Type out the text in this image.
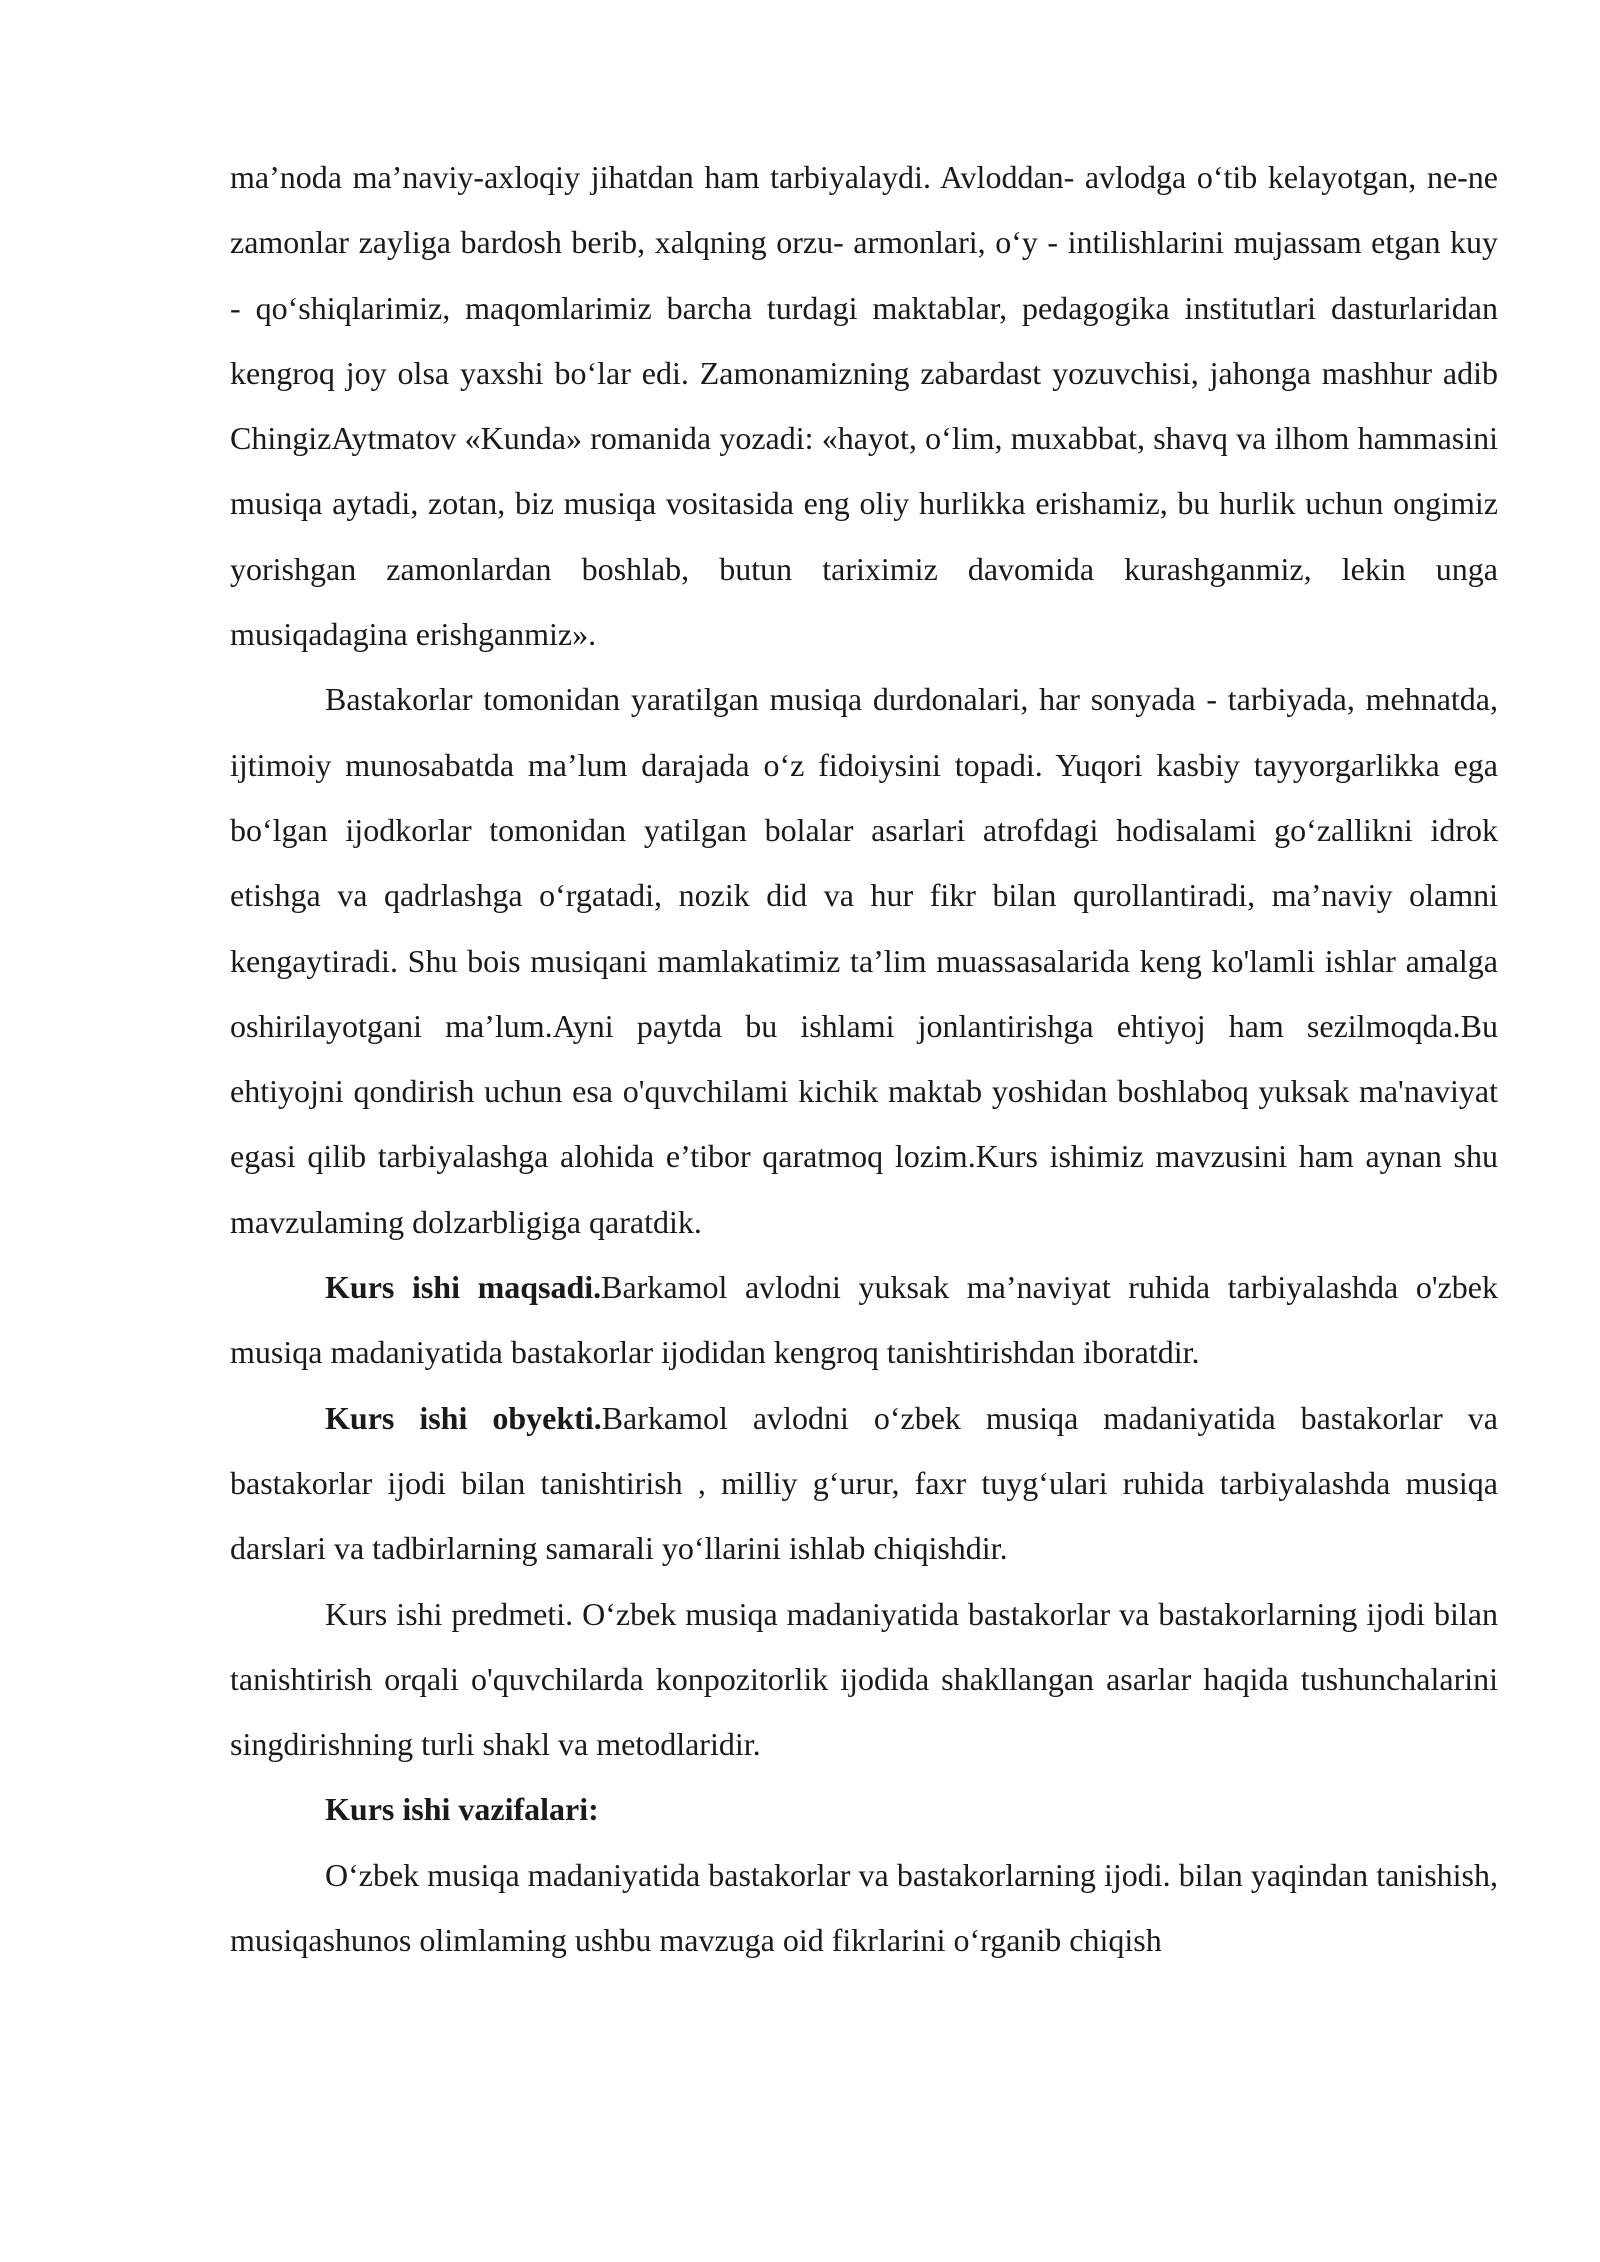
ma’noda ma’naviy-axloqiy jihatdan ham tarbiyalaydi. Avloddan- avlodga o‘tib kelayotgan, ne-ne zamonlar zayliga bardosh berib, xalqning orzu- armonlari, o‘y - intilishlarini mujassam etgan kuy - qo‘shiqlarimiz, maqomlarimiz barcha turdagi maktablar, pedagogika institutlari dasturlaridan kengroq joy olsa yaxshi bo‘lar edi. Zamonamizning zabardast yozuvchisi, jahonga mashhur adib ChingizAytmatov «Kunda» romanida yozadi: «hayot, o‘lim, muxabbat, shavq va ilhom hammasini musiqa aytadi, zotan, biz musiqa vositasida eng oliy hurlikka erishamiz, bu hurlik uchun ongimiz yorishgan zamonlardan boshlab, butun tariximiz davomida kurashganmiz, lekin unga musiqadagina erishganmiz».

Bastakorlar tomonidan yaratilgan musiqa durdonalari, har sonyada - tarbiyada, mehnatda, ijtimoiy munosabatda ma’lum darajada o‘z fidoiysini topadi. Yuqori kasbiy tayyorgarlikka ega bo‘lgan ijodkorlar tomonidan yatilgan bolalar asarlari atrofdagi hodisalami go‘zallikni idrok etishga va qadrlashga o‘rgatadi, nozik did va hur fikr bilan qurollantiradi, ma’naviy olamni kengaytiradi. Shu bois musiqani mamlakatimiz ta’lim muassasalarida keng ko'lamli ishlar amalga oshirilayotgani ma’lum.Ayni paytda bu ishlami jonlantirishga ehtiyoj ham sezilmoqda.Bu ehtiyojni qondirish uchun esa o'quvchilami kichik maktab yoshidan boshlaboq yuksak ma'naviyat egasi qilib tarbiyalashga alohida e’tibor qaratmoq lozim.Kurs ishimiz mavzusini ham aynan shu mavzulaming dolzarbligiga qaratdik.

Kurs ishi maqsadi.Barkamol avlodni yuksak ma’naviyat ruhida tarbiyalashda o'zbek musiqa madaniyatida bastakorlar ijodidan kengroq tanishtirishdan iboratdir.

Kurs ishi obyekti.Barkamol avlodni o‘zbek musiqa madaniyatida bastakorlar va bastakorlar ijodi bilan tanishtirish , milliy g‘urur, faxr tuyg‘ulari ruhida tarbiyalashda musiqa darslari va tadbirlarning samarali yo‘llarini ishlab chiqishdir.

Kurs ishi predmeti. O‘zbek musiqa madaniyatida bastakorlar va bastakorlarning ijodi bilan tanishtirish orqali o'quvchilarda konpozitorlik ijodida shakllangan asarlar haqida tushunchalarini singdirishning turli shakl va metodlaridir.

Kurs ishi vazifalari:

O‘zbek musiqa madaniyatida bastakorlar va bastakorlarning ijodi. bilan yaqindan tanishish, musiqashunos olimlaming ushbu mavzuga oid fikrlarini o‘rganib chiqish
